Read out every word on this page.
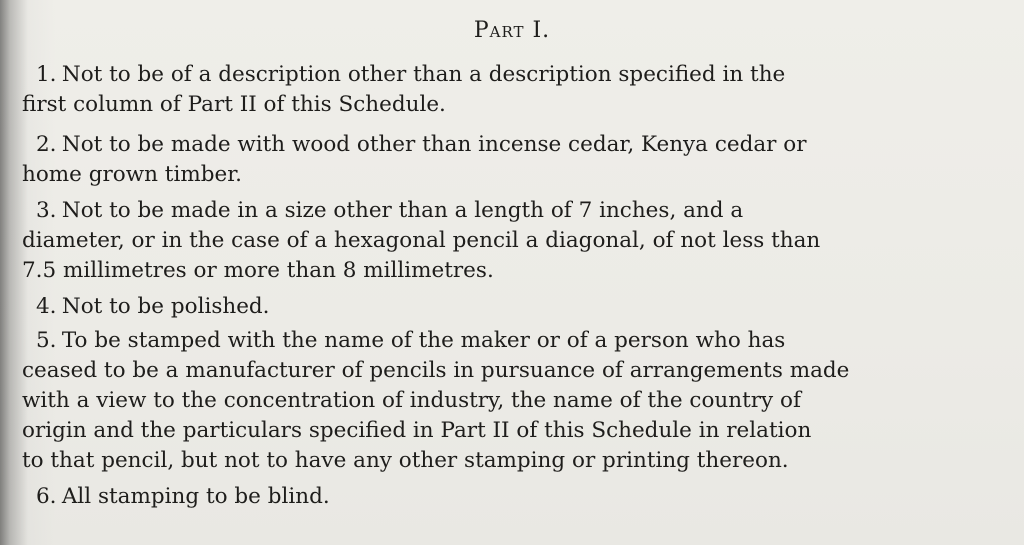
Part I.
1. Not to be of a description other than a description specified in the
first column of Part II of this Schedule.
2. Not to be made with wood other than incense cedar, Kenya cedar or
home grown timber.
3. Not to be made in a size other than a length of 7 inches, and a
diameter, or in the case of a hexagonal pencil a diagonal, of not less than
7.5 millimetres or more than 8 millimetres.
4. Not to be polished.
5. To be stamped with the name of the maker or of a person who has
ceased to be a manufacturer of pencils in pursuance of arrangements made
with a view to the concentration of industry, the name of the country of
origin and the particulars specified in Part II of this Schedule in relation
to that pencil, but not to have any other stamping or printing thereon.
6. All stamping to be blind.
